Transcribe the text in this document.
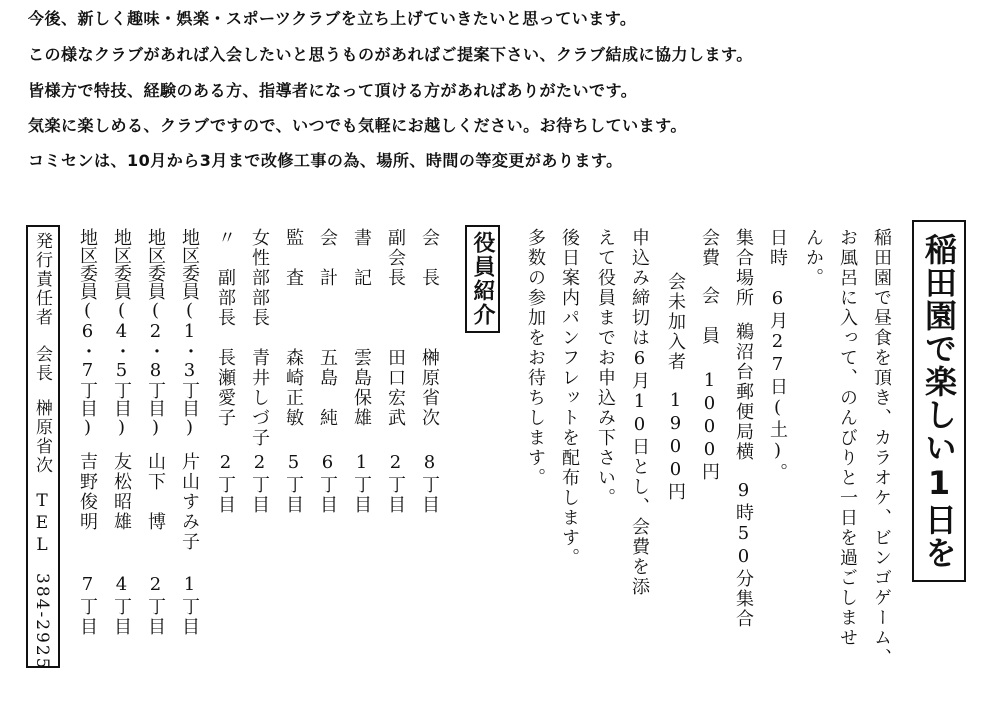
今後、新しく趣味・娯楽・スポーツクラブを立ち上げていきたいと思っています。
この様なクラブがあれば入会したいと思うものがあればご提案下さい、クラブ結成に協力します。
皆様方で特技、経験のある方、指導者になって頂ける方があればありがたいです。
気楽に楽しめる、クラブですので、いつでも気軽にお越しください。お待ちしています。
コミセンは、10月から3月まで改修工事の為、場所、時間の等変更があります。
稲田園で楽しい1日を
稲田園で昼食を頂き、カラオケ、ビンゴゲーム、
お風呂に入って、のんびりと一日を過ごしませ
んか。
日時6月27日(土)。
集合場所鵜沼台郵便局横9時50分集合
会費会　員1000円
会未加入者1900円
申込み締切は6月10日とし、会費を添
えて役員までお申込み下さい。
後日案内パンフレットを配布します。
多数の参加をお待ちします。
役員紹介
会　長
榊原省次
8丁目
副会長
田口宏武
2丁目
書　記
雲島保雄
1丁目
会　計
五島　純
6丁目
監　査
森崎正敏
5丁目
女性部部長
青井しづ子
2丁目
〃　副部長
長瀬愛子
2丁目
地区委員(1・3丁目)
片山すみ子
1丁目
地区委員(2・8丁目)
山下　博
2丁目
地区委員(4・5丁目)
友松昭雄
4丁目
地区委員(6・7丁目)
吉野俊明
7丁目
発行責任者会長榊原省次TEL384-2925
